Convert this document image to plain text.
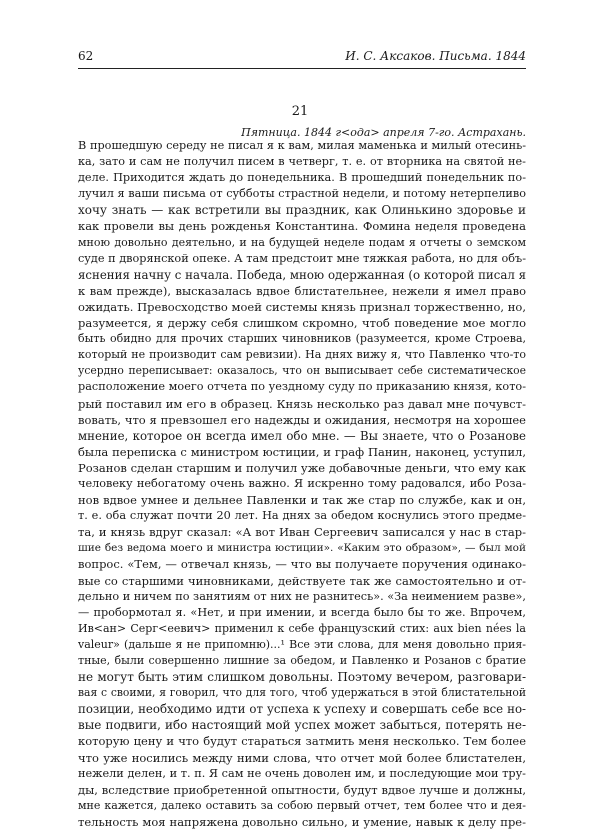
62	И. С. Аксаков. Письма. 1844
21
Пятница. 1844 г<ода> апреля 7-го. Астрахань.
В прошедшую середу не писал я к вам, милая маменька и милый отесинь-
ка, зато и сам не получил писем в четверг, т. е. от вторника на святой не-
деле. Приходится ждать до понедельника. В прошедший понедельник по-
лучил я ваши письма от субботы страстной недели, и потому нетерпеливо
хочу знать — как встретили вы праздник, как Олинькино здоровье и
как провели вы день рожденья Константина. Фомина неделя проведена
мною довольно деятельно, и на будущей неделе подам я отчеты о земском
суде п дворянской опеке. А там предстоит мне тяжкая работа, но для объ-
яснения начну с начала. Победа, мною одержанная (о которой писал я
к вам прежде), высказалась вдвое блистательнее, нежели я имел право
ожидать. Превосходство моей системы князь признал торжественно, но,
разумеется, я держу себя слишком скромно, чтоб поведение мое могло
быть обидно для прочих старших чиновников (разумеется, кроме Строева,
который не производит сам ревизии). На днях вижу я, что Павленко что-то
усердно переписывает: оказалось, что он выписывает себе систематическое
расположение моего отчета по уездному суду по приказанию князя, кото-
рый поставил им его в образец. Князь несколько раз давал мне почувст-
вовать, что я превзошел его надежды и ожидания, несмотря на хорошее
мнение, которое он всегда имел обо мне. — Вы знаете, что о Розанове
была переписка с министром юстиции, и граф Панин, наконец, уступил,
Розанов сделан старшим и получил уже добавочные деньги, что ему как
человеку небогатому очень важно. Я искренно тому радовался, ибо Роза-
нов вдвое умнее и дельнее Павленки и так же стар по службе, как и он,
т. е. оба служат почти 20 лет. На днях за обедом коснулись этого предме-
та, и князь вдруг сказал: «А вот Иван Сергеевич записался у нас в стар-
шие без ведома моего и министра юстиции». «Каким это образом», — был мой
вопрос. «Тем, — отвечал князь, — что вы получаете поручения одинако-
вые со старшими чиновниками, действуете так же самостоятельно и от-
дельно и ничем по занятиям от них не разнитесь». «За неимением разве»,
— пробормотал я. «Нет, и при имении, и всегда было бы то же. Впрочем,
Ив<ан> Серг<еевич> применил к себе французский стих: aux bien nées la
valeur» (дальше я не припомню)...¹ Все эти слова, для меня довольно прия-
тные, были совершенно лишние за обедом, и Павленко и Розанов с братие
не могут быть этим слишком довольны. Поэтому вечером, разговари-
вая с своими, я говорил, что для того, чтоб удержаться в этой блистательной
позиции, необходимо идти от успеха к успеху и совершать себе все но-
вые подвиги, ибо настоящий мой успех может забыться, потерять не-
которую цену и что будут стараться затмить меня несколько. Тем более
что уже носились между ними слова, что отчет мой более блистателен,
нежели делен, и т. п. Я сам не очень доволен им, и последующие мои тру-
ды, вследствие приобретенной опытности, будут вдвое лучше и должны,
мне кажется, далеко оставить за собою первый отчет, тем более что и дея-
тельность моя напряжена довольно сильно, и умение, навык к делу пре-
